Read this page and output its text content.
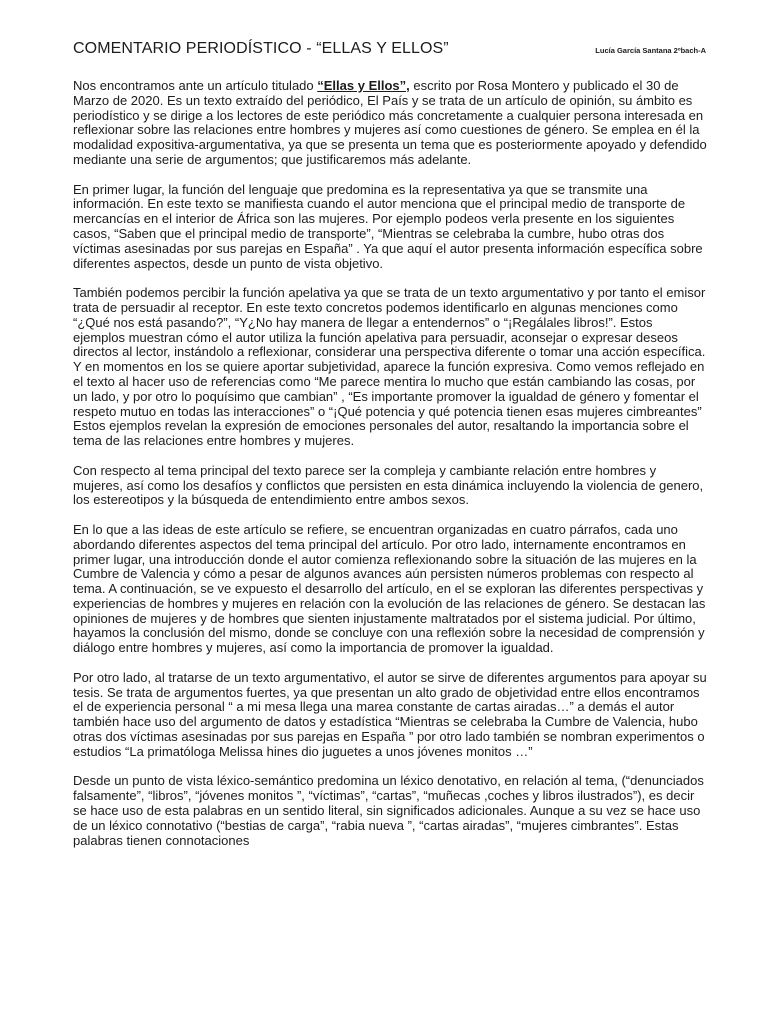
COMENTARIO PERIODÍSTICO - “ELLAS Y ELLOS”	Lucía García Santana 2ºbach-A

Nos encontramos ante un artículo titulado “Ellas y Ellos”, escrito por Rosa Montero y publicado el 30 de Marzo de 2020. Es un texto extraído del periódico, El País y se trata de un artículo de opinión, su ámbito es periodístico y se dirige a los lectores de este periódico más concretamente a cualquier persona interesada en reflexionar sobre las relaciones entre hombres y mujeres así como cuestiones de género. Se emplea en él la modalidad expositiva-argumentativa, ya que se presenta un tema que es posteriormente apoyado y defendido mediante una serie de argumentos; que justificaremos más adelante.

En primer lugar, la función del lenguaje que predomina es la representativa ya que se transmite una información. En este texto se manifiesta cuando el autor menciona que el principal medio de transporte de mercancías en el interior de África son las mujeres. Por ejemplo podeos verla presente en los siguientes casos, “Saben que el principal medio de transporte”, “Mientras se celebraba la cumbre, hubo otras dos víctimas asesinadas por sus parejas en España” . Ya que aquí el autor presenta información específica sobre diferentes aspectos, desde un punto de vista objetivo.

También podemos percibir la función apelativa ya que se trata de un texto argumentativo y por tanto el emisor trata de persuadir al receptor. En este texto concretos podemos identificarlo en algunas menciones como “¿Qué nos está pasando?”, “Y¿No hay manera de llegar a entendernos” o “¡Regálales libros!”. Estos ejemplos muestran cómo el autor utiliza la función apelativa para persuadir, aconsejar o expresar deseos directos al lector, instándolo a reflexionar, considerar una perspectiva diferente o tomar una acción específica. Y en momentos en los se quiere aportar subjetividad, aparece la función expresiva. Como vemos reflejado en el texto al hacer uso de referencias como “Me parece mentira lo mucho que están cambiando las cosas, por un lado, y por otro lo poquísimo que cambian” , “Es importante promover la igualdad de género y fomentar el respeto mutuo en todas las interacciones” o “¡Qué potencia y qué potencia tienen esas mujeres cimbreantes” Estos ejemplos revelan la expresión de emociones personales del autor, resaltando la importancia sobre el tema de las relaciones entre hombres y mujeres.

Con respecto al tema principal del texto parece ser la compleja y cambiante relación entre hombres y mujeres, así como los desafíos y conflictos que persisten en esta dinámica incluyendo la violencia de genero, los estereotipos y la búsqueda de entendimiento entre ambos sexos.

En lo que a las ideas de este artículo se refiere, se encuentran organizadas en cuatro párrafos, cada uno abordando diferentes aspectos del tema principal del artículo. Por otro lado, internamente encontramos en primer lugar, una introducción donde el autor comienza reflexionando sobre la situación de las mujeres en la Cumbre de Valencia y cómo a pesar de algunos avances aún persisten números problemas con respecto al tema. A continuación, se ve expuesto el desarrollo del artículo, en el se exploran las diferentes perspectivas y experiencias de hombres y mujeres en relación con la evolución de las relaciones de género. Se destacan las opiniones de mujeres y de hombres que sienten injustamente maltratados por el sistema judicial. Por último, hayamos la conclusión del mismo, donde se concluye con una reflexión sobre la necesidad de comprensión y diálogo entre hombres y mujeres, así como la importancia de promover la igualdad.

Por otro lado, al tratarse de un texto argumentativo, el autor se sirve de diferentes argumentos para apoyar su tesis. Se trata de argumentos fuertes, ya que presentan un alto grado de objetividad entre ellos encontramos el de experiencia personal “ a mi mesa llega una marea constante de cartas airadas…” a demás el autor también hace uso del argumento de datos y estadística “Mientras se celebraba la Cumbre de Valencia, hubo otras dos víctimas asesinadas por sus parejas en España ” por otro lado también se nombran experimentos o estudios “La primatóloga Melissa hines dio juguetes a unos jóvenes monitos …”

Desde un punto de vista léxico-semántico predomina un léxico denotativo, en relación al tema, (“denunciados falsamente”, “libros”, “jóvenes monitos ”, “víctimas”, “cartas”, “muñecas ,coches y libros ilustrados”), es decir se hace uso de esta palabras en un sentido literal, sin significados adicionales. Aunque a su vez se hace uso de un léxico connotativo (“bestias de carga”, “rabia nueva ”, “cartas airadas”, “mujeres cimbrantes”. Estas palabras tienen connotaciones
